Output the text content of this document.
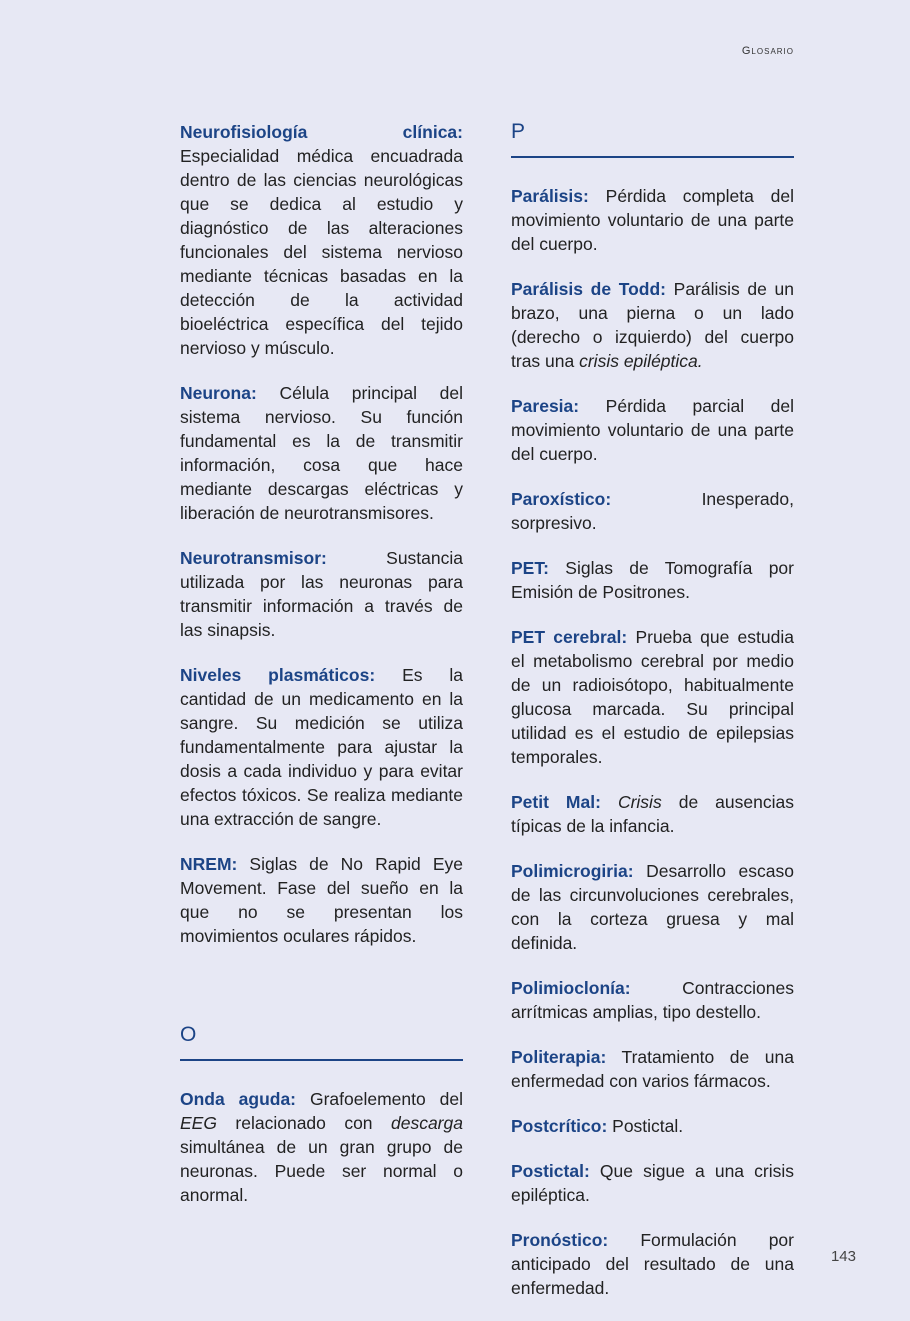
Glosario

Neurofisiología clínica: Especialidad médica encuadrada dentro de las ciencias neurológicas que se dedica al estudio y diagnóstico de las alteraciones funcionales del sistema nervioso mediante técnicas basadas en la detección de la actividad bioeléctrica específica del tejido nervioso y músculo.

Neurona: Célula principal del sistema nervioso. Su función fundamental es la de transmitir información, cosa que hace mediante descargas eléctricas y liberación de neurotransmisores.

Neurotransmisor:	Sustancia utilizada por las neuronas para transmitir información a través de las sinapsis.

Niveles plasmáticos: Es la cantidad de un medicamento en la sangre. Su medición se utiliza fundamentalmente para ajustar la dosis a cada individuo y para evitar efectos tóxicos. Se realiza mediante una extracción de sangre.

NREM: Siglas de No Rapid Eye Movement. Fase del sueño en la que no se presentan los movimientos oculares rápidos.

O

Onda aguda: Grafoelemento del EEG relacionado con descarga simultánea de un gran grupo de neuronas. Puede ser normal o anormal.

P

Parálisis: Pérdida completa del movimiento voluntario de una parte del cuerpo.

Parálisis de Todd: Parálisis de un brazo, una pierna o un lado (derecho o izquierdo) del cuerpo tras una crisis epiléptica.

Paresia: Pérdida parcial del movimiento voluntario de una parte del cuerpo.

Paroxístico:	Inesperado, sorpresivo.

PET: Siglas de Tomografía por Emisión de Positrones.

PET cerebral: Prueba que estudia el metabolismo cerebral por medio de un radioisótopo, habitualmente glucosa marcada. Su principal utilidad es el estudio de epilepsias temporales.

Petit Mal: Crisis de ausencias típicas de la infancia.

Polimicrogiria: Desarrollo escaso de las circunvoluciones cerebrales, con la corteza gruesa y mal definida.

Polimioclonía:	Contracciones arrítmicas amplias, tipo destello.

Politerapia: Tratamiento de una enfermedad con varios fármacos.

Postcrítico: Postictal.

Postictal: Que sigue a una crisis epiléptica.

Pronóstico: Formulación por anticipado del resultado de una enfermedad.

143
